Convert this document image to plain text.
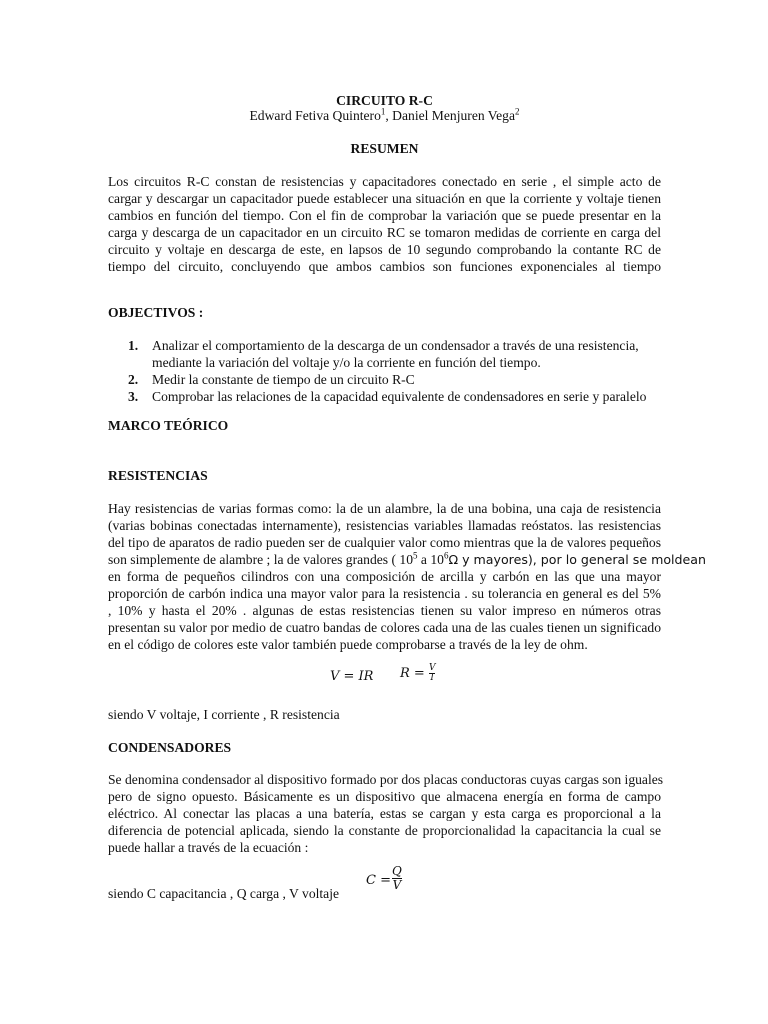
CIRCUITO R-C
Edward Fetiva Quintero$^1$, Daniel Menjuren Vega$^2$
RESUMEN
Los circuitos R-C constan de resistencias y capacitadores conectado en serie , el simple acto de
cargar y descargar un capacitador puede establecer una situación en que la corriente y voltaje tienen
cambios en función del tiempo. Con el fin de comprobar la variación que se puede presentar en la
carga y descarga de un capacitador en un circuito RC se tomaron medidas de corriente en carga del
circuito y voltaje en descarga de este, en lapsos de 10 segundo comprobando la contante RC de
tiempo del circuito, concluyendo que ambos cambios son funciones exponenciales al tiempo
OBJECTIVOS :
1. Analizar el comportamiento de la descarga de un condensador a través de una resistencia,
mediante la variación del voltaje y/o la corriente en función del tiempo.
2. Medir la constante de tiempo de un circuito R-C
3. Comprobar las relaciones de la capacidad equivalente de condensadores en serie y paralelo
MARCO TEÓRICO
RESISTENCIAS
Hay resistencias de varias formas como: la de un alambre, la de una bobina, una caja de resistencia
(varias bobinas conectadas internamente), resistencias variables llamadas reóstatos. las resistencias
del tipo de aparatos de radio pueden ser de cualquier valor como mientras que la de valores pequeños
son simplemente de alambre ; la de valores grandes ( $10^5$ a $10^6\Omega$ y mayores), por lo general se moldean
en forma de pequeños cilindros con una composición de arcilla y carbón en las que una mayor
proporción de carbón indica una mayor valor para la resistencia . su tolerancia en general es del 5%
, 10% y hasta el 20% . algunas de estas resistencias tienen su valor impreso en números otras
presentan su valor por medio de cuatro bandas de colores cada una de las cuales tienen un significado
en el código de colores este valor también puede comprobarse a través de la ley de ohm.
V = IR $R = \frac{V}{I}$
siendo V voltaje, I corriente , R resistencia
CONDENSADORES
Se denomina condensador al dispositivo formado por dos placas conductoras cuyas cargas son iguales
pero de signo opuesto. Básicamente es un dispositivo que almacena energía en forma de campo
eléctrico. Al conectar las placas a una batería, estas se cargan y esta carga es proporcional a la
diferencia de potencial aplicada, siendo la constante de proporcionalidad la capacitancia la cual se
puede hallar a través de la ecuación :
$C = \frac{Q}{V}$
siendo C capacitancia , Q carga , V voltaje
